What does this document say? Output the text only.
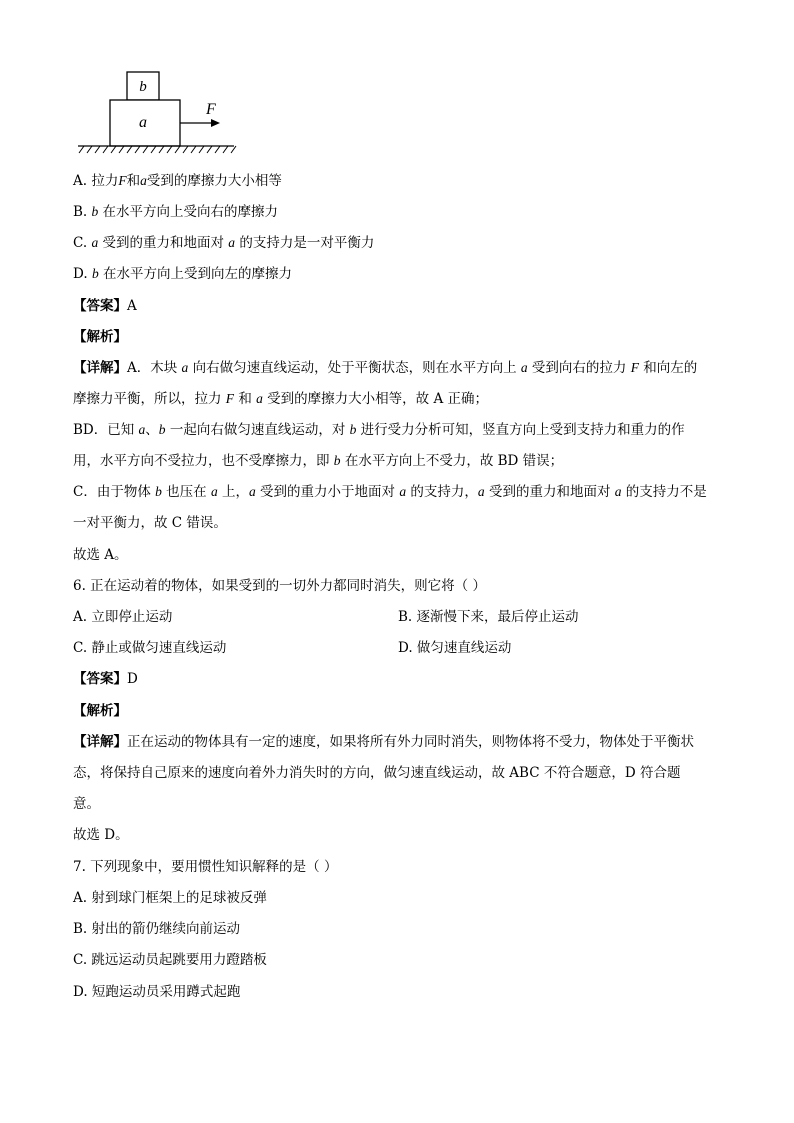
b
a
F
A. 拉力F和a受到的摩擦力大小相等
B. b 在水平方向上受向右的摩擦力
C. a 受到的重力和地面对 a 的支持力是一对平衡力
D. b 在水平方向上受到向左的摩擦力
【答案】A
【解析】
【详解】A．木块 a 向右做匀速直线运动，处于平衡状态，则在水平方向上 a 受到向右的拉力 F 和向左的
摩擦力平衡，所以，拉力 F 和 a 受到的摩擦力大小相等，故 A 正确；
BD．已知 a、b 一起向右做匀速直线运动，对 b 进行受力分析可知，竖直方向上受到支持力和重力的作
用，水平方向不受拉力，也不受摩擦力，即 b 在水平方向上不受力，故 BD 错误；
C．由于物体 b 也压在 a 上，a 受到的重力小于地面对 a 的支持力，a 受到的重力和地面对 a 的支持力不是
一对平衡力，故 C 错误。
故选 A。
6. 正在运动着的物体，如果受到的一切外力都同时消失，则它将（ ）
A. 立即停止运动	B. 逐渐慢下来，最后停止运动
C. 静止或做匀速直线运动	D. 做匀速直线运动
【答案】D
【解析】
【详解】正在运动的物体具有一定的速度，如果将所有外力同时消失，则物体将不受力，物体处于平衡状
态，将保持自己原来的速度向着外力消失时的方向，做匀速直线运动，故 ABC 不符合题意，D 符合题
意。
故选 D。
7. 下列现象中，要用惯性知识解释的是（ ）
A. 射到球门框架上的足球被反弹
B. 射出的箭仍继续向前运动
C. 跳远运动员起跳要用力蹬踏板
D. 短跑运动员采用蹲式起跑
